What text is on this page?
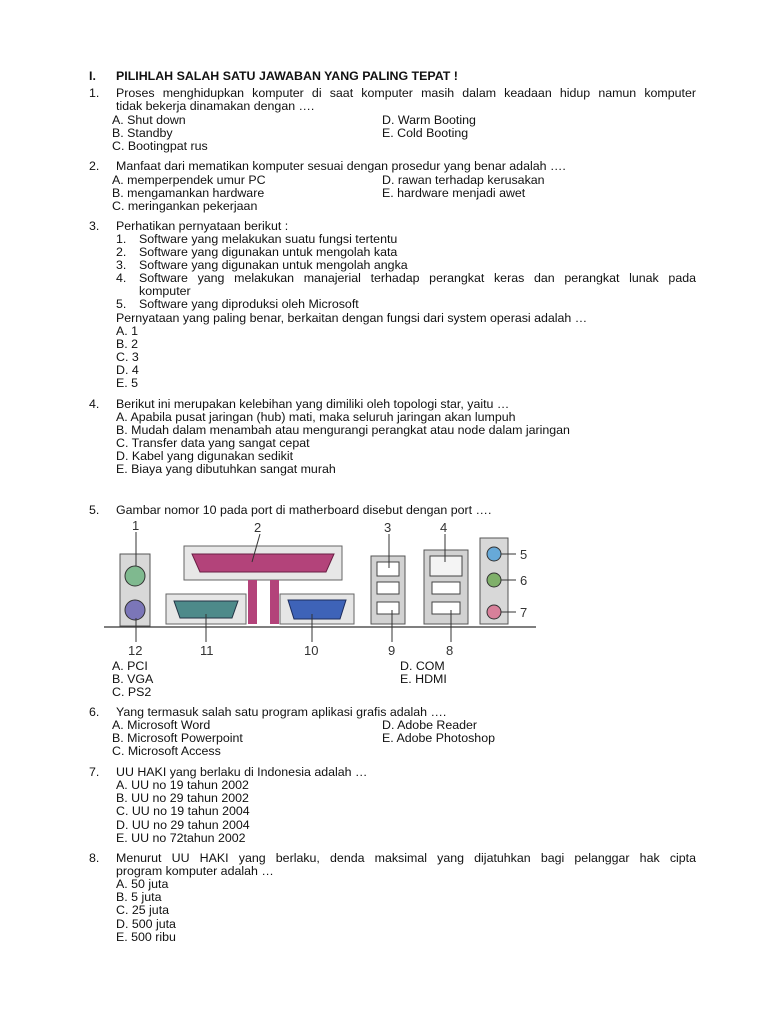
I. PILIHLAH SALAH SATU JAWABAN YANG PALING TEPAT !
1. Proses menghidupkan komputer di saat komputer masih dalam keadaan hidup namun komputer
tidak bekerja dinamakan dengan ….
A. Shut down
B. Standby
C. Bootingpat rus
D. Warm Booting
E. Cold Booting
2. Manfaat dari mematikan komputer sesuai dengan prosedur yang benar adalah ….
A. memperpendek umur PC
B. mengamankan hardware
C. meringankan pekerjaan
D. rawan terhadap kerusakan
E. hardware menjadi awet
3. Perhatikan pernyataan berikut :
1. Software yang melakukan suatu fungsi tertentu
2. Software yang digunakan untuk mengolah kata
3. Software yang digunakan untuk mengolah angka
4. Software yang melakukan manajerial terhadap perangkat keras dan perangkat lunak pada
komputer
5. Software yang diproduksi oleh Microsoft
Pernyataan yang paling benar, berkaitan dengan fungsi dari system operasi adalah …
A. 1
B. 2
C. 3
D. 4
E. 5
4. Berikut ini merupakan kelebihan yang dimiliki oleh topologi star, yaitu …
A. Apabila pusat jaringan (hub) mati, maka seluruh jaringan akan lumpuh
B. Mudah dalam menambah atau mengurangi perangkat atau node dalam jaringan
C. Transfer data yang sangat cepat
D. Kabel yang digunakan sedikit
E. Biaya yang dibutuhkan sangat murah
5. Gambar nomor 10 pada port di matherboard disebut dengan port ….
1	2	3	4
5
6
7
8
9
10
11
12
A. PCI
B. VGA
C. PS2
D. COM
E. HDMI
6. Yang termasuk salah satu program aplikasi grafis adalah ….
A. Microsoft Word
B. Microsoft Powerpoint
C. Microsoft Access
D. Adobe Reader
E. Adobe Photoshop
7. UU HAKI yang berlaku di Indonesia adalah …
A. UU no 19 tahun 2002
B. UU no 29 tahun 2002
C. UU no 19 tahun 2004
D. UU no 29 tahun 2004
E. UU no 72tahun 2002
8. Menurut UU HAKI yang berlaku, denda maksimal yang dijatuhkan bagi pelanggar hak cipta
program komputer adalah …
A. 50 juta
B. 5 juta
C. 25 juta
D. 500 juta
E. 500 ribu
